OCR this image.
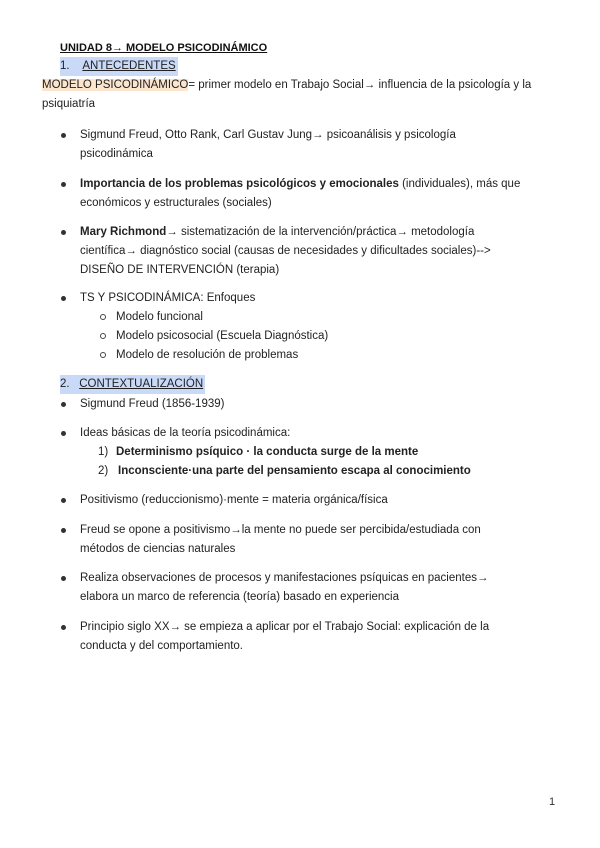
UNIDAD 8→ MODELO PSICODINÁMICO
1. ANTECEDENTES
MODELO PSICODINÁMICO= primer modelo en Trabajo Social→ influencia de la psicología y la
psiquiatría
Sigmund Freud, Otto Rank, Carl Gustav Jung→ psicoanálisis y psicología
psicodinámica
Importancia de los problemas psicológicos y emocionales (individuales), más que
económicos y estructurales (sociales)
Mary Richmond→ sistematización de la intervención/práctica→ metodología
científica→ diagnóstico social (causas de necesidades y dificultades sociales)-->
DISEÑO DE INTERVENCIÓN (terapia)
TS Y PSICODINÁMICA: Enfoques
Modelo funcional
Modelo psicosocial (Escuela Diagnóstica)
Modelo de resolución de problemas
2. CONTEXTUALIZACIÓN
Sigmund Freud (1856-1939)
Ideas básicas de la teoría psicodinámica:
1) Determinismo psíquico · la conducta surge de la mente
2) Inconsciente·una parte del pensamiento escapa al conocimiento
Positivismo (reduccionismo)·mente = materia orgánica/física
Freud se opone a positivismo→la mente no puede ser percibida/estudiada con
métodos de ciencias naturales
Realiza observaciones de procesos y manifestaciones psíquicas en pacientes→
elabora un marco de referencia (teoría) basado en experiencia
Principio siglo XX→ se empieza a aplicar por el Trabajo Social: explicación de la
conducta y del comportamiento.
1
